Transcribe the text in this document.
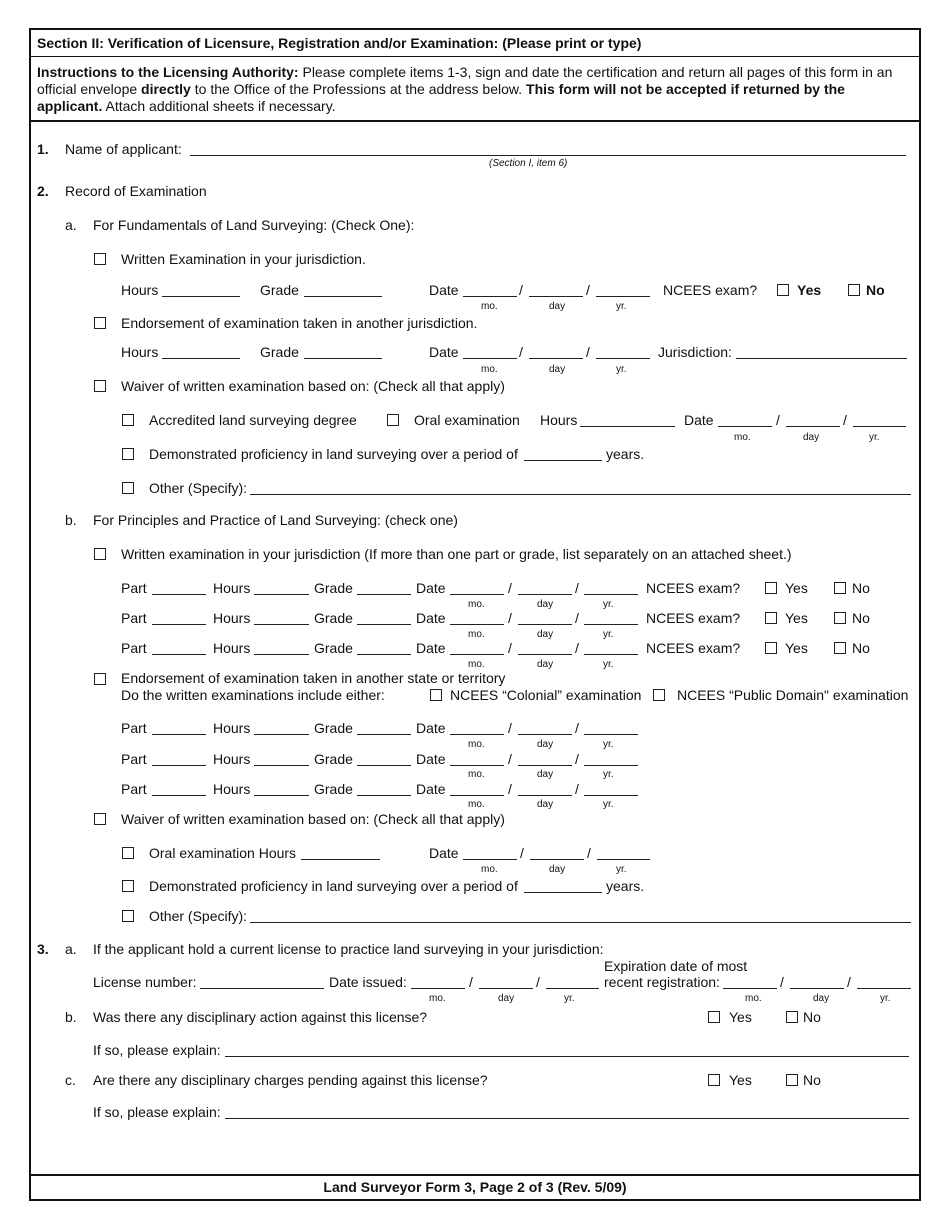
Section II: Verification of Licensure, Registration and/or Examination: (Please print or type)
Instructions to the Licensing Authority: Please complete items 1-3, sign and date the certification and return all pages of this form in an official envelope directly to the Office of the Professions at the address below. This form will not be accepted if returned by the applicant. Attach additional sheets if necessary.
1. Name of applicant:
(Section I, item 6)
2. Record of Examination
a. For Fundamentals of Land Surveying: (Check One):
Written Examination in your jurisdiction.
Hours	Grade	Date	/	/
mo.	day	yr.
NCEES exam?	Yes	No
Endorsement of examination taken in another jurisdiction.
Hours	Grade	Date	/	/
mo.	day	yr.
Jurisdiction:
Waiver of written examination based on: (Check all that apply)
Accredited land surveying degree	Oral examination Hours	Date	/	/
mo.	day	yr.
Demonstrated proficiency in land surveying over a period of	years.
Other (Specify):
b. For Principles and Practice of Land Surveying: (check one)
Written examination in your jurisdiction (If more than one part or grade, list separately on an attached sheet.)
Part	Hours	Grade	Date	/	/
mo.	day	yr.
NCEES exam?	Yes	No
Part	Hours	Grade	Date	/	/
mo.	day	yr.
NCEES exam?	Yes	No
Part	Hours	Grade	Date	/	/
mo.	day	yr.
NCEES exam?	Yes	No
Endorsement of examination taken in another state or territory
Do the written examinations include either:	NCEES “Colonial” examination	NCEES “Public Domain" examination
Part	Hours	Grade	Date	/	/
mo.	day	yr.
Part	Hours	Grade	Date	/	/
mo.	day	yr.
Part	Hours	Grade	Date	/	/
mo.	day	yr.
Waiver of written examination based on: (Check all that apply)
Oral examination Hours	Date	/	/
mo.	day	yr.
Demonstrated proficiency in land surveying over a period of	years.
Other (Specify):
3. a. If the applicant hold a current license to practice land surveying in your jurisdiction:
Expiration date of most
License number:	Date issued:	/	/
mo.	day	yr.
recent registration:	/	/
mo.	day	yr.
b. Was there any disciplinary action against this license?	Yes	No
If so, please explain:
c. Are there any disciplinary charges pending against this license?	Yes	No
If so, please explain:
Land Surveyor Form 3, Page 2 of 3 (Rev. 5/09)
